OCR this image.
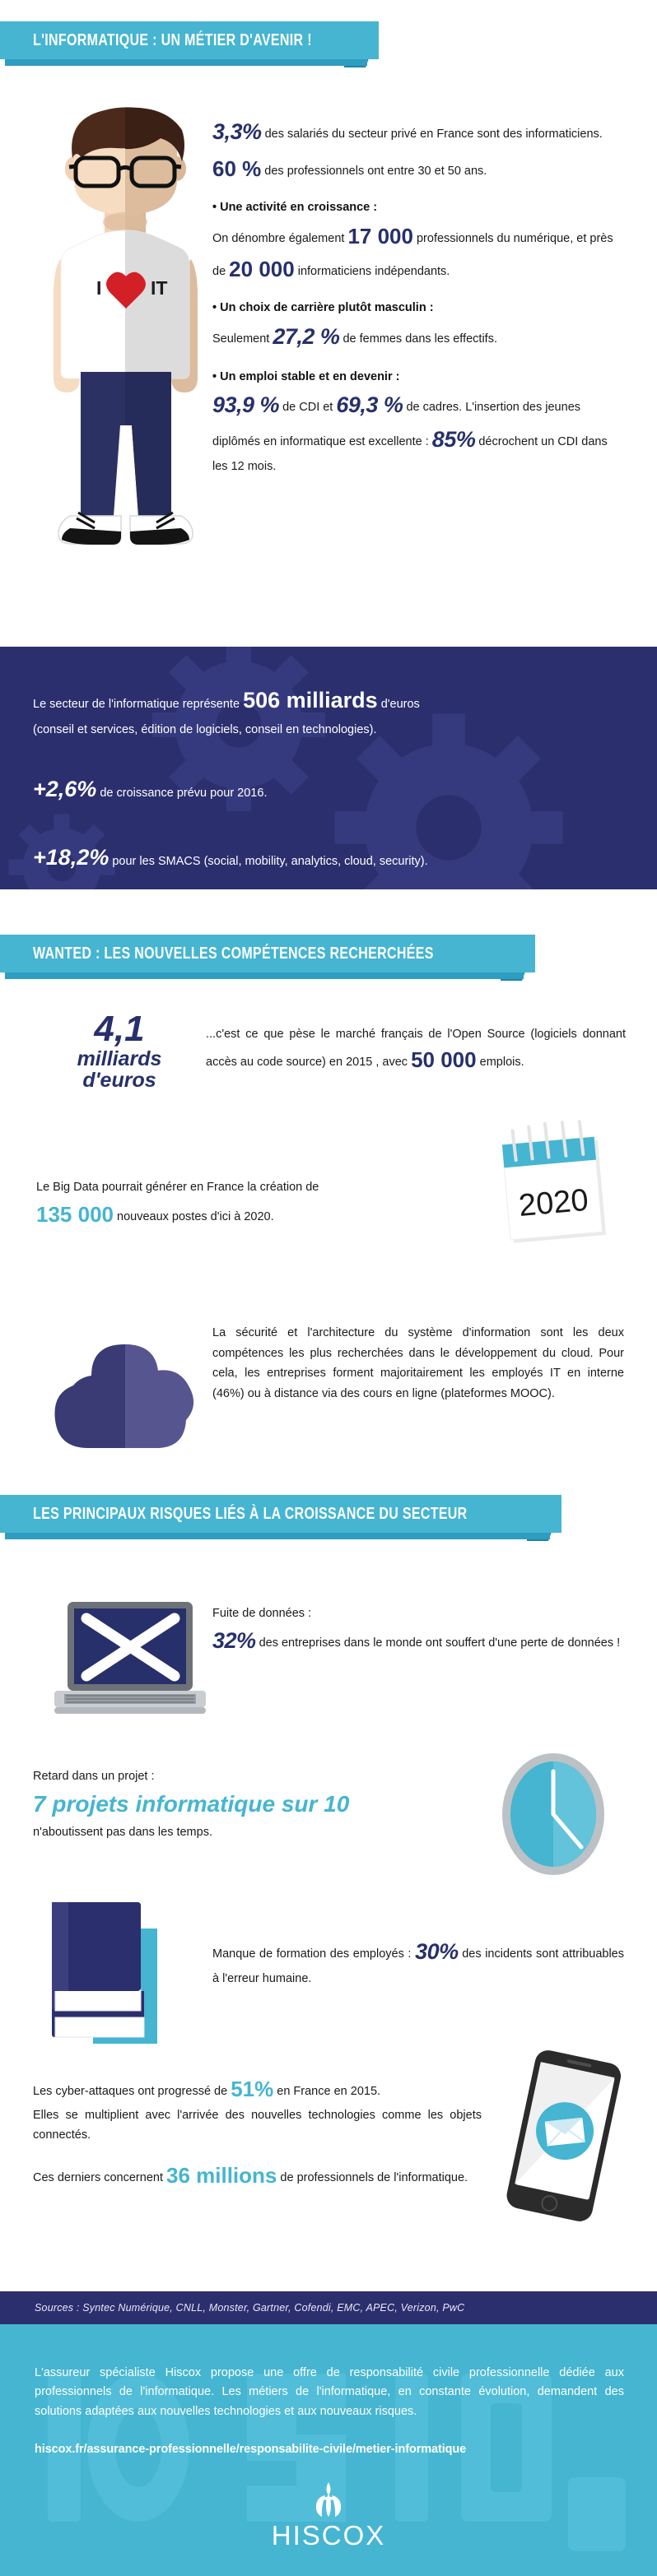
L'INFORMATIQUE : UN MÉTIER D'AVENIR !
I	IT

3,3% des salariés du secteur privé en France sont des informaticiens.

60 % des professionnels ont entre 30 et 50 ans.

• Une activité en croissance :

On dénombre également 17 000 professionnels du numérique, et près de 20 000 informaticiens indépendants.

• Un choix de carrière plutôt masculin :

Seulement 27,2 % de femmes dans les effectifs.

• Un emploi stable et en devenir :

93,9 % de CDI et 69,3 % de cadres. L'insertion des jeunes diplômés en informatique est excellente : 85% décrochent un CDI dans les 12 mois.

Le secteur de l'informatique représente 506 milliards d'euros

(conseil et services, édition de logiciels, conseil en technologies).

+2,6% de croissance prévu pour 2016.

+18,2% pour les SMACS (social, mobility, analytics, cloud, security).

WANTED : LES NOUVELLES COMPÉTENCES RECHERCHÉES
4,1
milliards
d'euros
...c'est ce que pèse le marché français de l'Open Source (logiciels donnant accès au code source) en 2015 , avec 50 000 emplois.

Le Big Data pourrait générer en France la création de

135 000 nouveaux postes d'ici à 2020.	2020
La sécurité et l'architecture du système d'information sont les deux compétences les plus recherchées dans le développement du cloud. Pour cela, les entreprises forment majoritairement les employés IT en interne (46%) ou à distance via des cours en ligne (plateformes MOOC).
LES PRINCIPAUX RISQUES LIÉS À LA CROISSANCE DU SECTEUR

Fuite de données :

32% des entreprises dans le monde ont souffert d'une perte de données !

Retard dans un projet :

7 projets informatique sur 10

n'aboutissent pas dans les temps.

Manque de formation des employés : 30% des incidents sont attribuables à l'erreur humaine.

Les cyber-attaques ont progressé de 51% en France en 2015.

Elles se multiplient avec l'arrivée des nouvelles technologies comme les objets connectés.

Ces derniers concernent 36 millions de professionnels de l'informatique.

Sources : Syntec Numérique, CNLL, Monster, Gartner, Cofendi, EMC, APEC, Verizon, PwC

L'assureur spécialiste Hiscox propose une offre de responsabilité civile professionnelle dédiée aux professionnels de l'informatique. Les métiers de l'informatique, en constante évolution, demandent des solutions adaptées aux nouvelles technologies et aux nouveaux risques.

hiscox.fr/assurance-professionnelle/responsabilite-civile/metier-informatique

HISCOX
